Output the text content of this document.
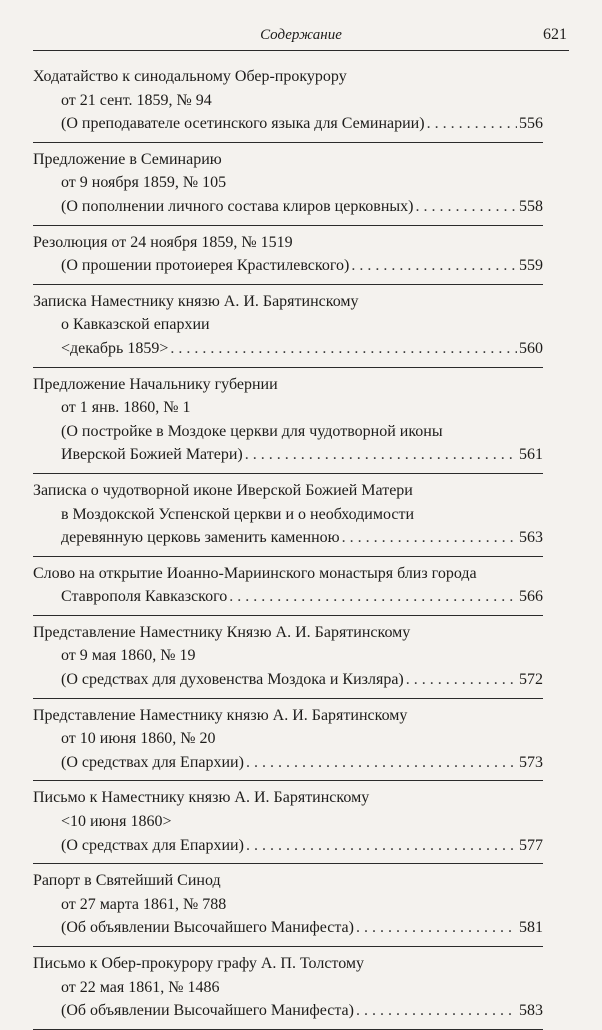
Содержание	621
Ходатайство к синодальному Обер-прокурору
от 21 сент. 1859, № 94
(О преподавателе осетинского языка для Семинарии) . . .	556
Предложение в Семинарию
от 9 ноября 1859, № 105
(О пополнении личного состава клиров церковных) . . .	558
Резолюция от 24 ноября 1859, № 1519
(О прошении протоиерея Крастилевского) . . .	559
Записка Наместнику князю А. И. Барятинскому
о Кавказской епархии
<декабрь 1859> . . .	560
Предложение Начальнику губернии
от 1 янв. 1860, № 1
(О постройке в Моздоке церкви для чудотворной иконы
Иверской Божией Матери) . . .	561
Записка о чудотворной иконе Иверской Божией Матери
в Моздокской Успенской церкви и о необходимости
деревянную церковь заменить каменною . . .	563
Слово на открытие Иоанно-Мариинского монастыря близ города
Ставрополя Кавказского . . .	566
Представление Наместнику Князю А. И. Барятинскому
от 9 мая 1860, № 19
(О средствах для духовенства Моздока и Кизляра) . . .	572
Представление Наместнику князю А. И. Барятинскому
от 10 июня 1860, № 20
(О средствах для Епархии) . . .	573
Письмо к Наместнику князю А. И. Барятинскому
<10 июня 1860>
(О средствах для Епархии) . . .	577
Рапорт в Святейший Синод
от 27 марта 1861, № 788
(Об объявлении Высочайшего Манифеста) . . .	581
Письмо к Обер-прокурору графу А. П. Толстому
от 22 мая 1861, № 1486
(Об объявлении Высочайшего Манифеста) . . .	583
